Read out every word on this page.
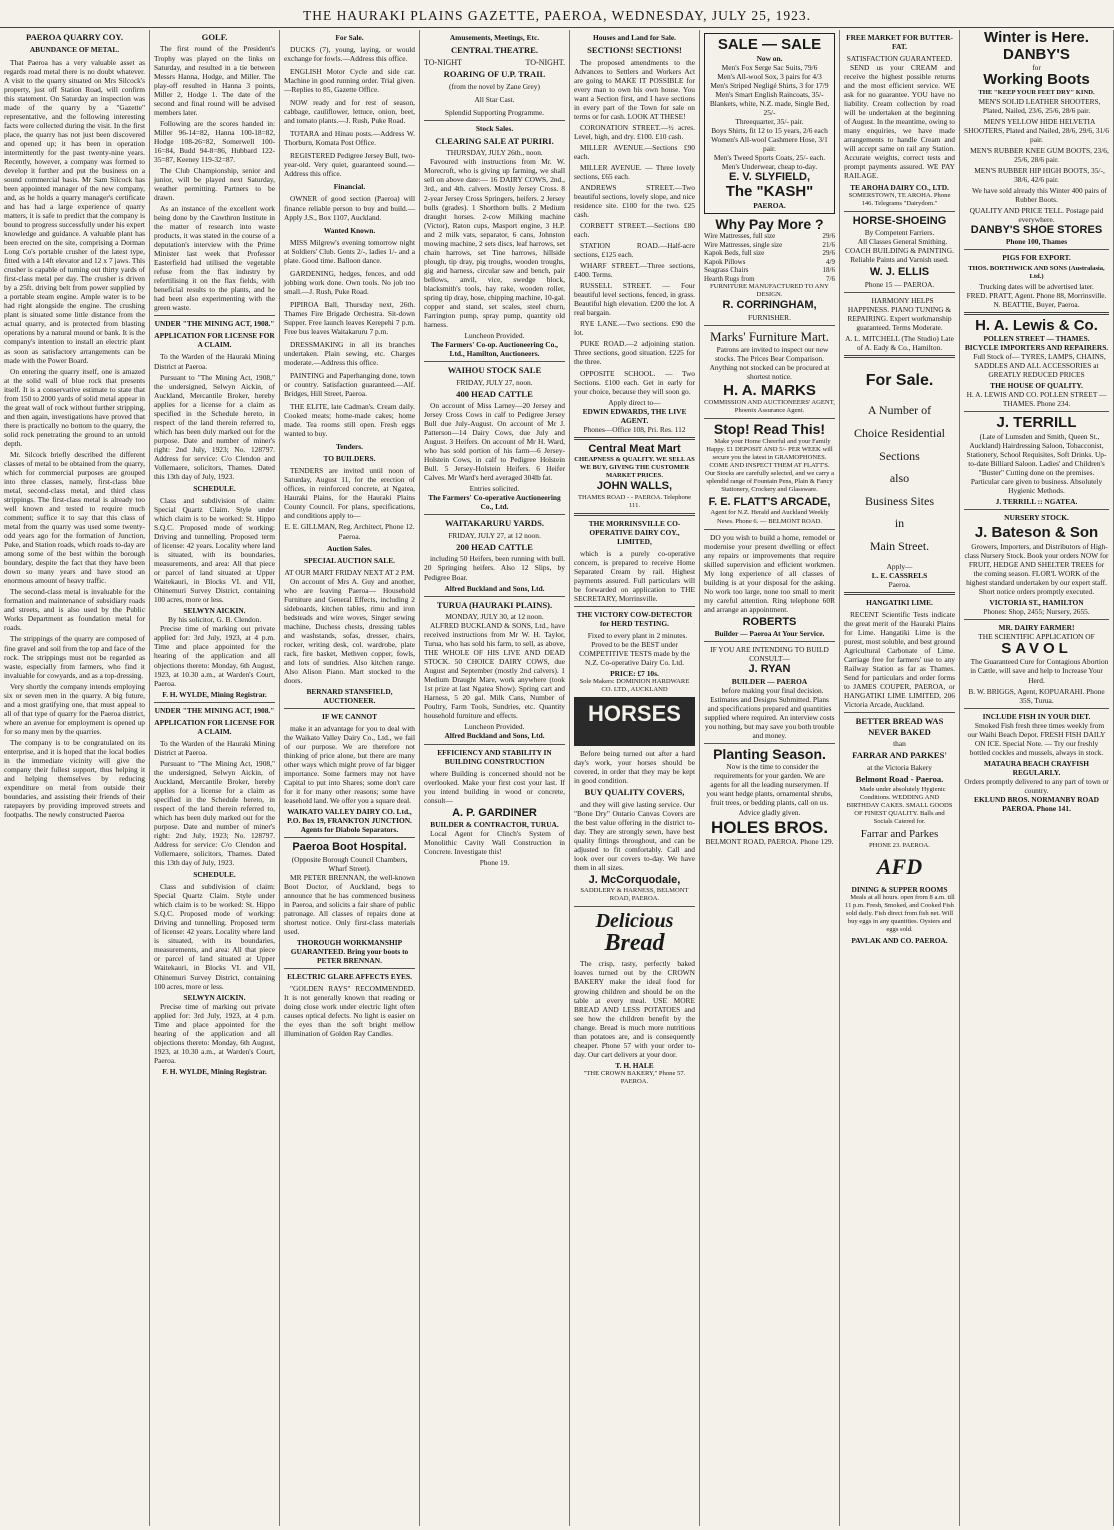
THE HAURAKI PLAINS GAZETTE, PAEROA, WEDNESDAY, JULY 25, 1923.
PAEROA QUARRY COY.
ABUNDANCE OF METAL.

That Paeroa has a very valuable asset as regards road metal there is no doubt whatever. A visit to the quarry situated on Mrs Silcock's property, just off Station Road, will confirm this statement. On Saturday an inspection was made of the quarry by a "Gazette" representative, and the following interesting facts were collected during the visit. In the first place, the quarry has not just been discovered and opened up; it has been in operation intermittently for the past twenty-nine years. Recently, however, a company was formed to develop it further and put the business on a sound commercial basis. Mr Sam Silcock has been appointed manager of the new company, and, as he holds a quarry manager's certificate and has had a large experience of quarry matters, it is safe to predict that the company is bound to progress successfully under his expert knowledge and guidance. A valuable plant has been erected on the site, comprising a Dorman Long Co's portable crusher of the latest type, fitted with a 14ft elevator and 12 x 7 jaws. This crusher is capable of turning out thirty yards of first-class metal per day. The crusher is driven by a 25ft. driving belt from power supplied by a portable steam engine. Ample water is to be had right alongside the engine. The crushing plant is situated some little distance from the actual quarry, and is protected from blasting operations by a natural mound or bank. It is the company's intention to install an electric plant as soon as satisfactory arrangements can be made with the Power Board.

On entering the quarry itself, one is amazed at the solid wall of blue rock that presents itself. It is a conservative estimate to state that from 150 to 2000 yards of solid metal appear in the great wall of rock without further stripping, and then again, investigations have proved that there is practically no bottom to the quarry, the solid rock penetrating the ground to an untold depth.

Mr. Silcock briefly described the different classes of metal to be obtained from the quarry, which for commercial purposes are grouped into three classes, namely, first-class blue metal, second-class metal, and third class strippings. The first-class metal is already too well known and tested to require much comment; suffice it to say that this class of metal from the quarry was used some twenty-odd years ago for the formation of Junction, Puke, and Station roads, which roads to-day are among some of the best within the borough boundary, despite the fact that they have been down so many years and have stood an enormous amount of heavy traffic.

The second-class metal is invaluable for the formation and maintenance of subsidiary roads and streets, and is also used by the Public Works Department as foundation metal for roads.

The strippings of the quarry are composed of fine gravel and soil from the top and face of the rock. The strippings must not be regarded as waste, especially from farmers, who find it invaluable for cowyards, and as a top-dressing.

Very shortly the company intends employing six or seven men in the quarry. A big future, and a most gratifying one, that must appeal to all of that type of quarry for the Paeroa district, where an avenue for employment is opened up for so many men by the quarries.

The company is to be congratulated on its enterprise, and it is hoped that the local bodies in the immediate vicinity will give the company their fullest support, thus helping it and helping themselves by reducing expenditure on metal from outside their boundaries, and assisting their friends of their ratepayers by providing improved streets and footpaths. The newly constructed Paeroa

GOLF.

The first round of the President's Trophy was played on the links on Saturday, and resulted in a tie between Messrs Hanna, Hodge, and Miller. The play-off resulted in Hanna 3 points, Miller 2, Hodge 1. The date of the second and final round will be advised members later.

Following are the scores handed in: Miller 96-14=82, Hanna 100-18=82, Hodge 108-26=82, Somerwell 100-16=84, Budd 94-8=86, Hubbard 122-35=87, Keeney 119-32=87.

The Club Championship, senior and junior, will be played next Saturday, weather permitting. Partners to be drawn.

As an instance of the excellent work being done by the Cawthron Institute in the matter of research into waste products, it was stated in the course of a deputation's interview with the Prime Minister last week that Professor Easterfield had utilised the vegetable refuse from the flax industry by refertilising it on the flax fields, with beneficial results to the plants, and he had been also experimenting with the green waste.

UNDER "THE MINING ACT, 1908."
APPLICATION FOR LICENSE FOR A CLAIM.

To the Warden of the Hauraki Mining District at Paeroa.

Pursuant to "The Mining Act, 1908," the undersigned, Selwyn Aickin, of Auckland, Mercantile Broker, hereby applies for a license for a claim as specified in the Schedule hereto, in respect of the land therein referred to, which has been duly marked out for the purpose. Date and number of miner's right: 2nd July, 1923; No. 128797. Address for service: C/o Clendon and Vollemaere, solicitors, Thames. Dated this 13th day of July, 1923.

SCHEDULE.

Class and subdivision of claim: Special Quartz Claim. Style under which claim is to be worked: St. Hippo S.Q.C. Proposed mode of working: Driving and tunnelling. Proposed term of license: 42 years. Locality where land is situated, with its boundaries, measurements, and area: All that piece or parcel of land situated at Upper Waitekauri, in Blocks VI. and VII, Ohinemuri Survey District, containing 100 acres, more or less.

SELWYN AICKIN.
By his solicitor, G. B. Clendon.

Precise time of marking out private applied for: 3rd July, 1923, at 4 p.m. Time and place appointed for the hearing of the application and all objections thereto: Monday, 6th August, 1923, at 10.30 a.m., at Warden's Court, Paeroa.

F. H. WYLDE, Mining Registrar.
UNDER "THE MINING ACT, 1908."
APPLICATION FOR LICENSE FOR A CLAIM.

To the Warden of the Hauraki Mining District at Paeroa.

Pursuant to "The Mining Act, 1908," the undersigned, Selwyn Aickin, of Auckland, Mercantile Broker, hereby applies for a license for a claim as specified in the Schedule hereto, in respect of the land therein referred to, which has been duly marked out for the purpose. Date and number of miner's right: 2nd July, 1923; No. 128797. Address for service: C/o Clendon and Vollemaere, solicitors, Thames. Dated this 13th day of July, 1923.

SCHEDULE.

Class and subdivision of claim: Special Quartz Claim. Style under which claim is to be worked: St. Hippo S.Q.C. Proposed mode of working: Driving and tunnelling. Proposed term of license: 42 years. Locality where land is situated, with its boundaries, measurements, and area: All that piece or parcel of land situated at Upper Waitekauri, in Blocks VI. and VII, Ohinemuri Survey District, containing 100 acres, more or less.

SELWYN AICKIN.

Precise time of marking out private applied for: 3rd July, 1923, at 4 p.m. Time and place appointed for the hearing of the application and all objections thereto: Monday, 6th August, 1923, at 10.30 a.m., at Warden's Court, Paeroa.

F. H. WYLDE, Mining Registrar.
For Sale.

DUCKS (7), young, laying, or would exchange for fowls.—Address this office.

ENGLISH Motor Cycle and side car. Machine in good running order. Trial given.—Replies to 85, Gazette Office.

NOW ready and for rest of season, cabbage, cauliflower, lettuce, onion, beet, and tomato plants.—J. Rush, Puke Road.

TOTARA and Hinau posts.—Address W. Thorburn, Komata Post Office.

REGISTERED Pedigree Jersey Bull, two-year-old. Very quiet, guaranteed sound.—Address this office.

Financial.

OWNER of good section (Paeroa) will finance reliable person to buy and build.—Apply J.S., Box 1107, Auckland.

Wanted Known.

MISS Milgrew's evening tomorrow night at Soldiers' Club. Gents 2/-, ladies 1/- and a plate. Good time. Balloon dance.

GARDENING, hedges, fences, and odd jobbing work done. Own tools. No job too small.—J. Rush, Puke Road.

PIPIROA Ball, Thursday next, 26th. Thames Fire Brigade Orchestra. Sit-down Supper. Free launch leaves Kerepehi 7 p.m. Free bus leaves Waitakaruru 7 p.m.

DRESSMAKING in all its branches undertaken. Plain sewing, etc. Charges moderate.—Address this office.

PAINTING and Paperhanging done, town or country. Satisfaction guaranteed.—Alf. Bridges, Hill Street, Paeroa.

THE ELITE, late Cadman's. Cream daily. Cooked meats; home-made cakes; home made. Tea rooms still open. Fresh eggs wanted to buy.

Tenders.
TO BUILDERS.

TENDERS are invited until noon of Saturday, August 11, for the erection of offices, in reinforced concrete, at Ngatea, Hauraki Plains, for the Hauraki Plains County Council. For plans, specifications, and conditions apply to—

E. E. GILLMAN, Reg. Architect, Phone 12. Paeroa.
Auction Sales.
SPECIAL AUCTION SALE.
AT OUR MART FRIDAY NEXT AT 2 P.M.

On account of Mrs A. Guy and another, who are leaving Paeroa— Household Furniture and General Effects, including 2 sideboards, kitchen tables, rimu and iron bedsteads and wire woves, Singer sewing machine, Duchess chests, dressing tables and washstands, sofas, dresser, chairs, rocker, writing desk, col. wardrobe, plate rack, fire basket, Methven copper, fowls, and lots of sundries. Also kitchen range. Also Alison Piano. Mart stocked to the doors.

BERNARD STANSFIELD, AUCTIONEER.
IF WE CANNOT

make it an advantage for you to deal with the Waikato Valley Dairy Co., Ltd., we fail of our purpose. We are therefore not thinking of price alone, but there are many other ways which might prove of far bigger importance. Some farmers may not have Capital to put into Shares; some don't care for it for many other reasons; some have leasehold land. We offer you a square deal.

WAIKATO VALLEY DAIRY CO. Ltd., P.O. Box 19, FRANKTON JUNCTION. Agents for Diabolo Separators.
Paeroa Boot Hospital.
(Opposite Borough Council Chambers, Wharf Street).

MR PETER BRENNAN, the well-known Boot Doctor, of Auckland, begs to announce that he has commenced business in Paeroa, and solicits a fair share of public patronage. All classes of repairs done at shortest notice. Only first-class materials used.

THOROUGH WORKMANSHIP GUARANTEED. Bring your boots to PETER BRENNAN.
ELECTRIC GLARE AFFECTS EYES.

"GOLDEN RAYS" RECOMMENDED. It is not generally known that reading or doing close work under electric light often causes optical defects. No light is easier on the eyes than the soft bright mellow illumination of Golden Ray Candles.

Amusements, Meetings, Etc.
CENTRAL THEATRE.
TO-NIGHT	TO-NIGHT.
ROARING OF U.P. TRAIL
(from the novel by Zane Grey)
All Star Cast.
Splendid Supporting Programme.
Stock Sales.
CLEARING SALE AT PURIRI.
THURSDAY, JULY 26th., noon.

Favoured with instructions from Mr. W. Morecroft, who is giving up farming, we shall sell on above date:— 16 DAIRY COWS, 2nd., 3rd., and 4th. calvers. Mostly Jersey Cross. 8 2-year Jersey Cross Springers, heifers. 2 Jersey bulls (grades). 1 Shorthorn bulls. 2 Medium draught horses. 2-cow Milking machine (Victor), Raton cups, Masport engine, 3 H.P. and 2 milk vats, separator, 6 cans, Johnston mowing machine, 2 sets discs, leaf harrows, set chain harrows, set Tine harrows, hillside plough, tip dray, pig troughs, wooden troughs, gig and harness, circular saw and bench, pair bellows, anvil, vice, swedge block, blacksmith's tools, hay rake, wooden roller, spring tip dray, hose, chipping machine, 10-gal. copper and stand, set scales, steel churn, Farrington pump, spray pump, quantity old harness.

Luncheon Provided.
The Farmers' Co-op. Auctioneering Co., Ltd., Hamilton, Auctioneers.
WAIHOU STOCK SALE
FRIDAY, JULY 27, noon.
400 HEAD CATTLE

On account of Miss Larney—20 Jersey and Jersey Cross Cows in calf to Pedigree Jersey Bull due July-August. On account of Mr J. Patterson—14 Dairy Cows, due July and August. 3 Heifers. On account of Mr H. Ward, who has sold portion of his farm—6 Jersey-Holstein Cows, in calf to Pedigree Holstein Bull. 5 Jersey-Holstein Heifers. 6 Heifer Calves. Mr Ward's herd averaged 304lb fat.

Entries solicited.
The Farmers' Co-operative Auctioneering Co., Ltd.
WAITAKARURU YARDS.
FRIDAY, JULY 27, at 12 noon.
200 HEAD CATTLE

including 50 Heifers, been running with bull. 20 Springing heifers. Also 12 Slips, by Pedigree Boar.

Alfred Buckland and Sons, Ltd.
TURUA (HAURAKI PLAINS).
MONDAY, JULY 30, at 12 noon.

ALFRED BUCKLAND & SONS, Ltd., have received instructions from Mr W. H. Taylor, Turua, who has sold his farm, to sell, as above, THE WHOLE OF HIS LIVE AND DEAD STOCK. 50 CHOICE DAIRY COWS, due August and September (mostly 2nd calvers). 1 Medium Draught Mare, work anywhere (took 1st prize at last Ngatea Show). Spring cart and Harness, 5 20 gal. Milk Cans, Number of Poultry, Farm Tools, Sundries, etc. Quantity household furniture and effects.

Luncheon Provided.
Alfred Buckland and Sons, Ltd.
EFFICIENCY AND STABILITY IN BUILDING CONSTRUCTION

where Building is concerned should not be overlooked. Make your first cost your last. If you intend building in wood or concrete, consult—

A. P. GARDINER
BUILDER & CONTRACTOR, TURUA.

Local Agent for Clinch's System of Monolithic Cavity Wall Construction in Concrete. Investigate this!

Phone 19.
Houses and Land for Sale.
SECTIONS! SECTIONS!

The proposed amendments to the Advances to Settlers and Workers Act are going to MAKE IT POSSIBLE for every man to own his own house. You want a Section first, and I have sections in every part of the Town for sale on terms or for cash. LOOK AT THESE!

CORONATION STREET.—½ acres. Level, high, and dry. £100. £10 cash.

MILLER AVENUE.—Sections £90 each.

MILLER AVENUE. — Three lovely sections, £65 each.

ANDREWS STREET.—Two beautiful sections, lovely slope, and nice residence site. £100 for the two. £25 cash.

CORBETT STREET.—Sections £80 each.

STATION ROAD.—Half-acre sections, £125 each.

WHARF STREET.—Three sections, £400. Terms.

RUSSELL STREET. — Four beautiful level sections, fenced, in grass. Beautiful high elevation. £200 the lot. A real bargain.

RYE LANE.—Two sections. £90 the lot.

PUKE ROAD.—2 adjoining station. Three sections, good situation. £225 for the three.

OPPOSITE SCHOOL. — Two Sections. £100 each. Get in early for your choice, because they will soon go.

Apply direct to—
EDWIN EDWARDS, THE LIVE AGENT.
Phones—Office 108, Pri. Res. 112
Central Meat Mart
CHEAPNESS & QUALITY. WE SELL AS WE BUY, GIVING THE CUSTOMER MARKET PRICES.
JOHN WALLS,
THAMES ROAD - - PAEROA. Telephone 111.
THE MORRINSVILLE CO-OPERATIVE DAIRY COY., LIMITED,

which is a purely co-operative concern, is prepared to receive Home Separated Cream by rail. Highest payments assured. Full particulars will be forwarded on application to THE SECRETARY, Morrinsville.

THE VICTORY COW-DETECTOR for HERD TESTING.

Fixed to every plant in 2 minutes. Proved to be the BEST under COMPETITIVE TESTS made by the N.Z. Co-operative Dairy Co. Ltd.

PRICE: £7 10s.
Sole Makers: DOMINION HARDWARE CO. LTD., AUCKLAND
HORSES

Before being turned out after a hard day's work, your horses should be covered, in order that they may be kept in good condition.

BUY QUALITY COVERS,

and they will give lasting service. Our "Bone Dry" Ontario Canvas Covers are the best value offering in the district to-day. They are strongly sewn, have best quality fittings throughout, and can be adjusted to fit comfortably. Call and look over our covers to-day. We have them in all sizes.

J. McCorquodale,
SADDLERY & HARNESS, BELMONT ROAD, PAEROA.
Delicious
Bread

The crisp, tasty, perfectly baked loaves turned out by the CROWN BAKERY make the ideal food for growing children and should be on the table at every meal. USE MORE BREAD AND LESS POTATOES and see how the children benefit by the change. Bread is much more nutritious than potatoes are, and is consequently cheaper. Phone 57 with your order to-day. Our cart delivers at your door.

T. H. HALE
"THE CROWN BAKERY," Phone 57. PAEROA.
SALE — SALE
Now on.
Men's Fox Serge Sac Suits, 79/6
Men's All-wool Sox, 3 pairs for 4/3
Men's Striped Negligé Shirts, 3 for 17/9
Men's Smart English Raincoats, 35/-
Blankets, white, N.Z. made, Single Bed, 25/-
Threequarter, 35/- pair.
Boys Shirts, fit 12 to 15 years, 2/6 each
Women's All-wool Cashmere Hose, 3/1 pair.
Men's Tweed Sports Coats, 25/- each.
Men's Underwear, cheap to-day.
E. V. SLYFIELD,
The "KASH"
PAEROA.
Why Pay More ?
Wire Mattresses, full size	29/6
Wire Mattresses, single size	21/6
Kapok Beds, full size	29/6
Kapok Pillows	4/9
Seagrass Chairs	18/6
Hearth Rugs from	7/6
FURNITURE MANUFACTURED TO ANY DESIGN.
R. CORRINGHAM,
FURNISHER.
Marks' Furniture Mart.

Patrons are invited to inspect our new stocks. The Prices Bear Comparison. Anything not stocked can be procured at shortest notice.

H. A. MARKS
COMMISSION AND AUCTIONEERS' AGENT, Phoenix Assurance Agent.
Stop! Read This!

Make your Home Cheerful and your Family Happy. £1 DEPOSIT AND 5/- PER WEEK will secure you the latest in GRAMOPHONES. COME AND INSPECT THEM AT FLATT'S. Our Stocks are carefully selected, and we carry a splendid range of Fountain Pens, Plain & Fancy Stationery, Crockery and Glassware.

F. E. FLATT'S ARCADE,
Agent for N.Z. Herald and Auckland Weekly News. Phone 6. — BELMONT ROAD.

DO you wish to build a home, remodel or modernise your present dwelling or effect any repairs or improvements that require skilled supervision and efficient workmen. My long experience of all classes of building is at your disposal for the asking. No work too large, none too small to merit my careful attention. Ring telephone 60R and arrange an appointment.

ROBERTS
Builder — Paeroa At Your Service.
IF YOU ARE INTENDING TO BUILD CONSULT—
J. RYAN
BUILDER — PAEROA

before making your final decision. Estimates and Designs Submitted. Plans and specifications prepared and quantities supplied where required. An interview costs you nothing, but may save you both trouble and money.

Planting Season.

Now is the time to consider the requirements for your garden. We are agents for all the leading nurserymen. If you want hedge plants, ornamental shrubs, fruit trees, or bedding plants, call on us. Advice gladly given.

HOLES BROS.
BELMONT ROAD, PAEROA. Phone 129.
FREE MARKET FOR BUTTER-FAT.
SATISFACTION GUARANTEED.

SEND us your CREAM and receive the highest possible returns and the most efficient service. WE ask for no guarantee. YOU have no liability. Cream collection by road will be undertaken at the beginning of August. In the meantime, owing to many enquiries, we have made arrangements to handle Cream and will accept same on rail any Station. Accurate weights, correct tests and prompt payments assured. WE PAY RAILAGE.

TE AROHA DAIRY CO., LTD.
SOMERSTOWN, TE AROHA. Phone 146. Telegrams "Dairydom."
HORSE-SHOEING
By Competent Farriers.

All Classes General Smithing. COACH BUILDING & PAINTING. Reliable Paints and Varnish used.

W. J. ELLIS
Phone 15 — PAEROA.

HARMONY HELPS HAPPINESS. PIANO TUNING & REPAIRING. Expert workmanship guaranteed. Terms Moderate.

A. L. MITCHELL (The Studio) Late of A. Eady & Co., Hamilton.
For Sale.
A Number of
Choice Residential
Sections
also
Business Sites
in
Main Street.
Apply—
L. E. CASSRELS
Paeroa.
HANGATIKI LIME.

RECENT Scientific Tests indicate the great merit of the Hauraki Plains for Lime. Hangatiki Lime is the purest, most soluble, and best ground Agricultural Carbonate of Lime. Carriage free for farmers' use to any Railway Station as far as Thames. Send for particulars and order forms to JAMES COUPER, PAEROA, or HANGATIKI LIME LIMITED, 206 Victoria Arcade, Auckland.

BETTER BREAD WAS NEVER BAKED
than
FARRAR AND PARKES'
at the Victoria Bakery
Belmont Road - Paeroa.

Made under absolutely Hygienic Conditions. WEDDING AND BIRTHDAY CAKES. SMALL GOODS OF FINEST QUALITY. Balls and Socials Catered for.

Farrar and Parkes
PHONE 23. PAEROA.
AFD
DINING & SUPPER ROOMS

Meals at all hours. open from 8 a.m. till 11 p.m. Fresh, Smoked, and Cooked Fish sold daily. Fish direct from fish net. Will buy eggs in any quantities. Oysters and eggs sold.

PAVLAK AND CO. PAEROA.
Winter is Here.
DANBY'S
for
Working Boots
THE "KEEP YOUR FEET DRY" KIND.

MEN'S SOLID LEATHER SHOOTERS, Plated, Nailed, 23/6, 25/6, 28/6 pair.

MEN'S YELLOW HIDE HELVETIA SHOOTERS, Plated and Nailed, 28/6, 29/6, 31/6 pair.

MEN'S RUBBER KNEE GUM BOOTS, 23/6, 25/6, 28/6 pair.

MEN'S RUBBER HIP HIGH BOOTS, 35/-, 38/6, 42/6 pair.

We have sold already this Winter 400 pairs of Rubber Boots.

QUALITY AND PRICE TELL. Postage paid everywhere.
DANBY'S SHOE STORES
Phone 100, Thames
PIGS FOR EXPORT.
THOS. BORTHWICK AND SONS (Australasia, Ltd.)
Trucking dates will be advertised later.
FRED. PRATT, Agent. Phone 88, Morrinsville. N. BEATTIE, Buyer, Paeroa.
H. A. Lewis & Co.
POLLEN STREET — THAMES.
BICYCLE IMPORTERS AND REPAIRERS.

Full Stock of— TYRES, LAMPS, CHAINS, SADDLES AND ALL ACCESSORIES at GREATLY REDUCED PRICES

THE HOUSE OF QUALITY.
H. A. LEWIS AND CO. POLLEN STREET — THAMES. Phone 234.
J. TERRILL

(Late of Lumsden and Smith, Queen St., Auckland) Hairdressing Saloon, Tobacconist, Stationery, School Requisites, Soft Drinks. Up-to-date Billiard Saloon. Ladies' and Children's "Buster" Cutting done on the premises. Particular care given to business. Absolutely Hygienic Methods.

J. TERRILL :: NGATEA.
NURSERY STOCK.
J. Bateson & Son

Growers, Importers, and Distributors of High-class Nursery Stock. Book your orders NOW for FRUIT, HEDGE AND SHELTER TREES for the coming season. FLOR'L WORK of the highest standard undertaken by our expert staff. Short notice orders promptly executed.

VICTORIA ST., HAMILTON
Phones: Shop, 2455; Nursery, 2655.
MR. DAIRY FARMER!
THE SCIENTIFIC APPLICATION OF
SAVOL

The Guaranteed Cure for Contagious Abortion in Cattle, will save and help to Increase Your Herd.

B. W. BRIGGS, Agent, KOPUARAHI. Phone 35S, Turua.
INCLUDE FISH IN YOUR DIET.

Smoked Fish fresh three times weekly from our Waihi Beach Depot. FRESH FISH DAILY ON ICE. Special Note. — Try our freshly bottled cockles and mussels, always in stock.

MATAURA BEACH CRAYFISH REGULARLY.
Orders promptly delivered to any part of town or country.
EKLUND BROS. NORMANBY ROAD PAEROA. Phone 141.
